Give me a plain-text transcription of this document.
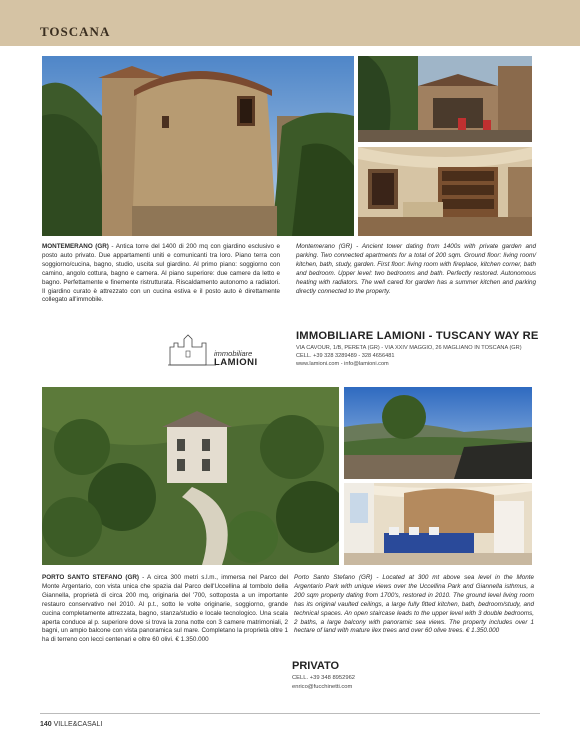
TOSCANA
MONTEMERANO (GR) - Antica torre del 1400 di 200 mq con giardino esclusivo e posto auto privato. Due appartamenti uniti e comunicanti tra loro. Piano terra con soggiorno/cucina, bagno, studio, uscita sul giardino. Al primo piano: soggiorno con camino, angolo cottura, bagno e camera. Al piano superiore: due camere da letto e bagno. Perfettamente e finemente ristrutturata. Riscaldamento autonomo a radiatori. Il giardino curato è attrezzato con un cucina estiva e il posto auto è direttamente collegato all'immobile.
Montemerano (GR) - Ancient tower dating from 1400s with private garden and parking. Two connected apartments for a total of 200 sqm. Ground floor: living room/ kitchen, bath, study, garden. First floor: living room with fireplace, kitchen corner, bath and bedroom. Upper level: two bedrooms and bath. Perfectly restored. Autonomous heating with radiators. The well cared for garden has a summer kitchen and parking directly connected to the property.
immobiliare
LAMIONI
IMMOBILIARE LAMIONI - TUSCANY WAY RE
VIA CAVOUR, 1/B, PERETA (GR) - VIA XXIV MAGGIO, 26 MAGLIANO IN TOSCANA (GR)
CELL. +39 328 3289489 - 328 4656481
www.lamioni.com - info@lamioni.com
PORTO SANTO STEFANO (GR) - A circa 300 metri s.l.m., immersa nel Parco del Monte Argentario, con vista unica che spazia dal Parco dell'Uccellina al tombolo della Giannella, proprietà di circa 200 mq, originaria del '700, sottoposta a un importante restauro conservativo nel 2010. Al p.t., sotto le volte originarie, soggiorno, grande cucina completamente attrezzata, bagno, stanza/studio e locale tecnologico. Una scala aperta conduce al p. superiore dove si trova la zona notte con 3 camere matrimoniali, 2 bagni, un ampio balcone con vista panoramica sul mare. Completano la proprietà oltre 1 ha di terreno con lecci centenari e oltre 60 olivi. € 1.350.000
Porto Santo Stefano (GR) - Located at 300 mt above sea level in the Monte Argentario Park with unique views over the Uccellina Park and Giannella isthmus, a 200 sqm property dating from 1700's, restored in 2010. The ground level living room has its original vaulted ceilings, a large fully fitted kitchen, bath, bedroom/study, and technical spaces. An open staircase leads to the upper level with 3 double bedrooms, 2 baths, a large balcony with panoramic sea views. The property includes over 1 hectare of land with mature ilex trees and over 60 olive trees. € 1.350.000
PRIVATO
CELL. +39 348 8952962
enrico@fucchinetti.com
140 VILLE&CASALI
